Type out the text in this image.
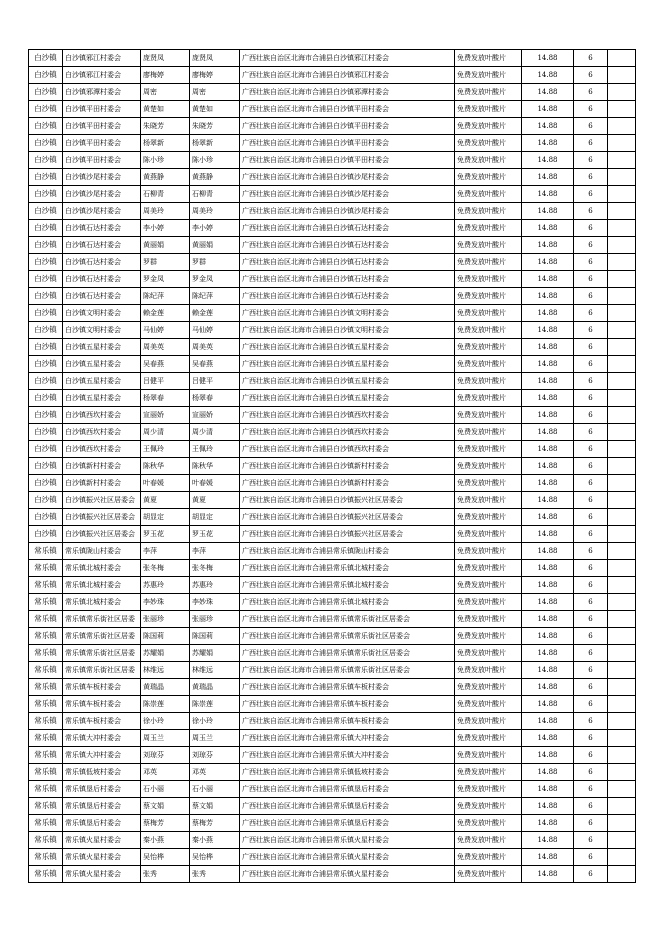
白沙镇	白沙镇邪江村委会	庞贤凤	庞贤凤	广西壮族自治区北海市合浦县白沙镇邪江村委会	免费发放叶酸片	14.88	6	
白沙镇	白沙镇邪江村委会	廖梅婷	廖梅婷	广西壮族自治区北海市合浦县白沙镇邪江村委会	免费发放叶酸片	14.88	6	
白沙镇	白沙镇邪潭村委会	周密	周密	广西壮族自治区北海市合浦县白沙镇邪潭村委会	免费发放叶酸片	14.88	6	
白沙镇	白沙镇平田村委会	黄楚如	黄楚如	广西壮族自治区北海市合浦县白沙镇平田村委会	免费发放叶酸片	14.88	6	
白沙镇	白沙镇平田村委会	朱晓芳	朱晓芳	广西壮族自治区北海市合浦县白沙镇平田村委会	免费发放叶酸片	14.88	6	
白沙镇	白沙镇平田村委会	杨翠新	杨翠新	广西壮族自治区北海市合浦县白沙镇平田村委会	免费发放叶酸片	14.88	6	
白沙镇	白沙镇平田村委会	陈小珍	陈小珍	广西壮族自治区北海市合浦县白沙镇平田村委会	免费发放叶酸片	14.88	6	
白沙镇	白沙镇沙尾村委会	黄燕静	黄燕静	广西壮族自治区北海市合浦县白沙镇沙尾村委会	免费发放叶酸片	14.88	6	
白沙镇	白沙镇沙尾村委会	石柳青	石柳青	广西壮族自治区北海市合浦县白沙镇沙尾村委会	免费发放叶酸片	14.88	6	
白沙镇	白沙镇沙尾村委会	周美玲	周美玲	广西壮族自治区北海市合浦县白沙镇沙尾村委会	免费发放叶酸片	14.88	6	
白沙镇	白沙镇石达村委会	李小婷	李小婷	广西壮族自治区北海市合浦县白沙镇石达村委会	免费发放叶酸片	14.88	6	
白沙镇	白沙镇石达村委会	黄丽娟	黄丽娟	广西壮族自治区北海市合浦县白沙镇石达村委会	免费发放叶酸片	14.88	6	
白沙镇	白沙镇石达村委会	罗群	罗群	广西壮族自治区北海市合浦县白沙镇石达村委会	免费发放叶酸片	14.88	6	
白沙镇	白沙镇石达村委会	罗金凤	罗金凤	广西壮族自治区北海市合浦县白沙镇石达村委会	免费发放叶酸片	14.88	6	
白沙镇	白沙镇石达村委会	陈纪萍	陈纪萍	广西壮族自治区北海市合浦县白沙镇石达村委会	免费发放叶酸片	14.88	6	
白沙镇	白沙镇文明村委会	赖金莲	赖金莲	广西壮族自治区北海市合浦县白沙镇文明村委会	免费发放叶酸片	14.88	6	
白沙镇	白沙镇文明村委会	马仙婷	马仙婷	广西壮族自治区北海市合浦县白沙镇文明村委会	免费发放叶酸片	14.88	6	
白沙镇	白沙镇五星村委会	周美英	周美英	广西壮族自治区北海市合浦县白沙镇五星村委会	免费发放叶酸片	14.88	6	
白沙镇	白沙镇五星村委会	吴春燕	吴春燕	广西壮族自治区北海市合浦县白沙镇五星村委会	免费发放叶酸片	14.88	6	
白沙镇	白沙镇五星村委会	吕健平	吕健平	广西壮族自治区北海市合浦县白沙镇五星村委会	免费发放叶酸片	14.88	6	
白沙镇	白沙镇五星村委会	杨翠春	杨翠春	广西壮族自治区北海市合浦县白沙镇五星村委会	免费发放叶酸片	14.88	6	
白沙镇	白沙镇西坎村委会	宣丽娇	宣丽娇	广西壮族自治区北海市合浦县白沙镇西坎村委会	免费发放叶酸片	14.88	6	
白沙镇	白沙镇西坎村委会	周少清	周少清	广西壮族自治区北海市合浦县白沙镇西坎村委会	免费发放叶酸片	14.88	6	
白沙镇	白沙镇西坎村委会	王佩玲	王佩玲	广西壮族自治区北海市合浦县白沙镇西坎村委会	免费发放叶酸片	14.88	6	
白沙镇	白沙镇新村村委会	陈秋华	陈秋华	广西壮族自治区北海市合浦县白沙镇新村村委会	免费发放叶酸片	14.88	6	
白沙镇	白沙镇新村村委会	叶春媛	叶春媛	广西壮族自治区北海市合浦县白沙镇新村村委会	免费发放叶酸片	14.88	6	
白沙镇	白沙镇振兴社区居委会	黄夏	黄夏	广西壮族自治区北海市合浦县白沙镇振兴社区居委会	免费发放叶酸片	14.88	6	
白沙镇	白沙镇振兴社区居委会	胡显定	胡显定	广西壮族自治区北海市合浦县白沙镇振兴社区居委会	免费发放叶酸片	14.88	6	
白沙镇	白沙镇振兴社区居委会	罗玉花	罗玉花	广西壮族自治区北海市合浦县白沙镇振兴社区居委会	免费发放叶酸片	14.88	6	
常乐镇	常乐镇陇山村委会	李萍	李萍	广西壮族自治区北海市合浦县常乐镇陇山村委会	免费发放叶酸片	14.88	6	
常乐镇	常乐镇北城村委会	张冬梅	张冬梅	广西壮族自治区北海市合浦县常乐镇北城村委会	免费发放叶酸片	14.88	6	
常乐镇	常乐镇北城村委会	苏惠玲	苏惠玲	广西壮族自治区北海市合浦县常乐镇北城村委会	免费发放叶酸片	14.88	6	
常乐镇	常乐镇北城村委会	李妙珠	李妙珠	广西壮族自治区北海市合浦县常乐镇北城村委会	免费发放叶酸片	14.88	6	
常乐镇	常乐镇常乐街社区居委	张丽珍	张丽珍	广西壮族自治区北海市合浦县常乐镇常乐街社区居委会	免费发放叶酸片	14.88	6	
常乐镇	常乐镇常乐街社区居委	陈国莉	陈国莉	广西壮族自治区北海市合浦县常乐镇常乐街社区居委会	免费发放叶酸片	14.88	6	
常乐镇	常乐镇常乐街社区居委	苏耀娟	苏耀娟	广西壮族自治区北海市合浦县常乐镇常乐街社区居委会	免费发放叶酸片	14.88	6	
常乐镇	常乐镇常乐街社区居委	林维远	林维远	广西壮族自治区北海市合浦县常乐镇常乐街社区居委会	免费发放叶酸片	14.88	6	
常乐镇	常乐镇车板村委会	黄瑞晶	黄瑞晶	广西壮族自治区北海市合浦县常乐镇车板村委会	免费发放叶酸片	14.88	6	
常乐镇	常乐镇车板村委会	陈崇莲	陈崇莲	广西壮族自治区北海市合浦县常乐镇车板村委会	免费发放叶酸片	14.88	6	
常乐镇	常乐镇车板村委会	徐小玲	徐小玲	广西壮族自治区北海市合浦县常乐镇车板村委会	免费发放叶酸片	14.88	6	
常乐镇	常乐镇大冲村委会	周玉兰	周玉兰	广西壮族自治区北海市合浦县常乐镇大冲村委会	免费发放叶酸片	14.88	6	
常乐镇	常乐镇大冲村委会	刘琼芬	刘琼芬	广西壮族自治区北海市合浦县常乐镇大冲村委会	免费发放叶酸片	14.88	6	
常乐镇	常乐镇低坡村委会	邓英	邓英	广西壮族自治区北海市合浦县常乐镇低坡村委会	免费发放叶酸片	14.88	6	
常乐镇	常乐镇垦后村委会	石小丽	石小丽	广西壮族自治区北海市合浦县常乐镇垦后村委会	免费发放叶酸片	14.88	6	
常乐镇	常乐镇垦后村委会	蔡文娟	蔡文娟	广西壮族自治区北海市合浦县常乐镇垦后村委会	免费发放叶酸片	14.88	6	
常乐镇	常乐镇垦后村委会	蔡梅芳	蔡梅芳	广西壮族自治区北海市合浦县常乐镇垦后村委会	免费发放叶酸片	14.88	6	
常乐镇	常乐镇火星村委会	秦小燕	秦小燕	广西壮族自治区北海市合浦县常乐镇火星村委会	免费发放叶酸片	14.88	6	
常乐镇	常乐镇火星村委会	吴怡桦	吴怡桦	广西壮族自治区北海市合浦县常乐镇火星村委会	免费发放叶酸片	14.88	6	
常乐镇	常乐镇火星村委会	张秀	张秀	广西壮族自治区北海市合浦县常乐镇火星村委会	免费发放叶酸片	14.88	6	
